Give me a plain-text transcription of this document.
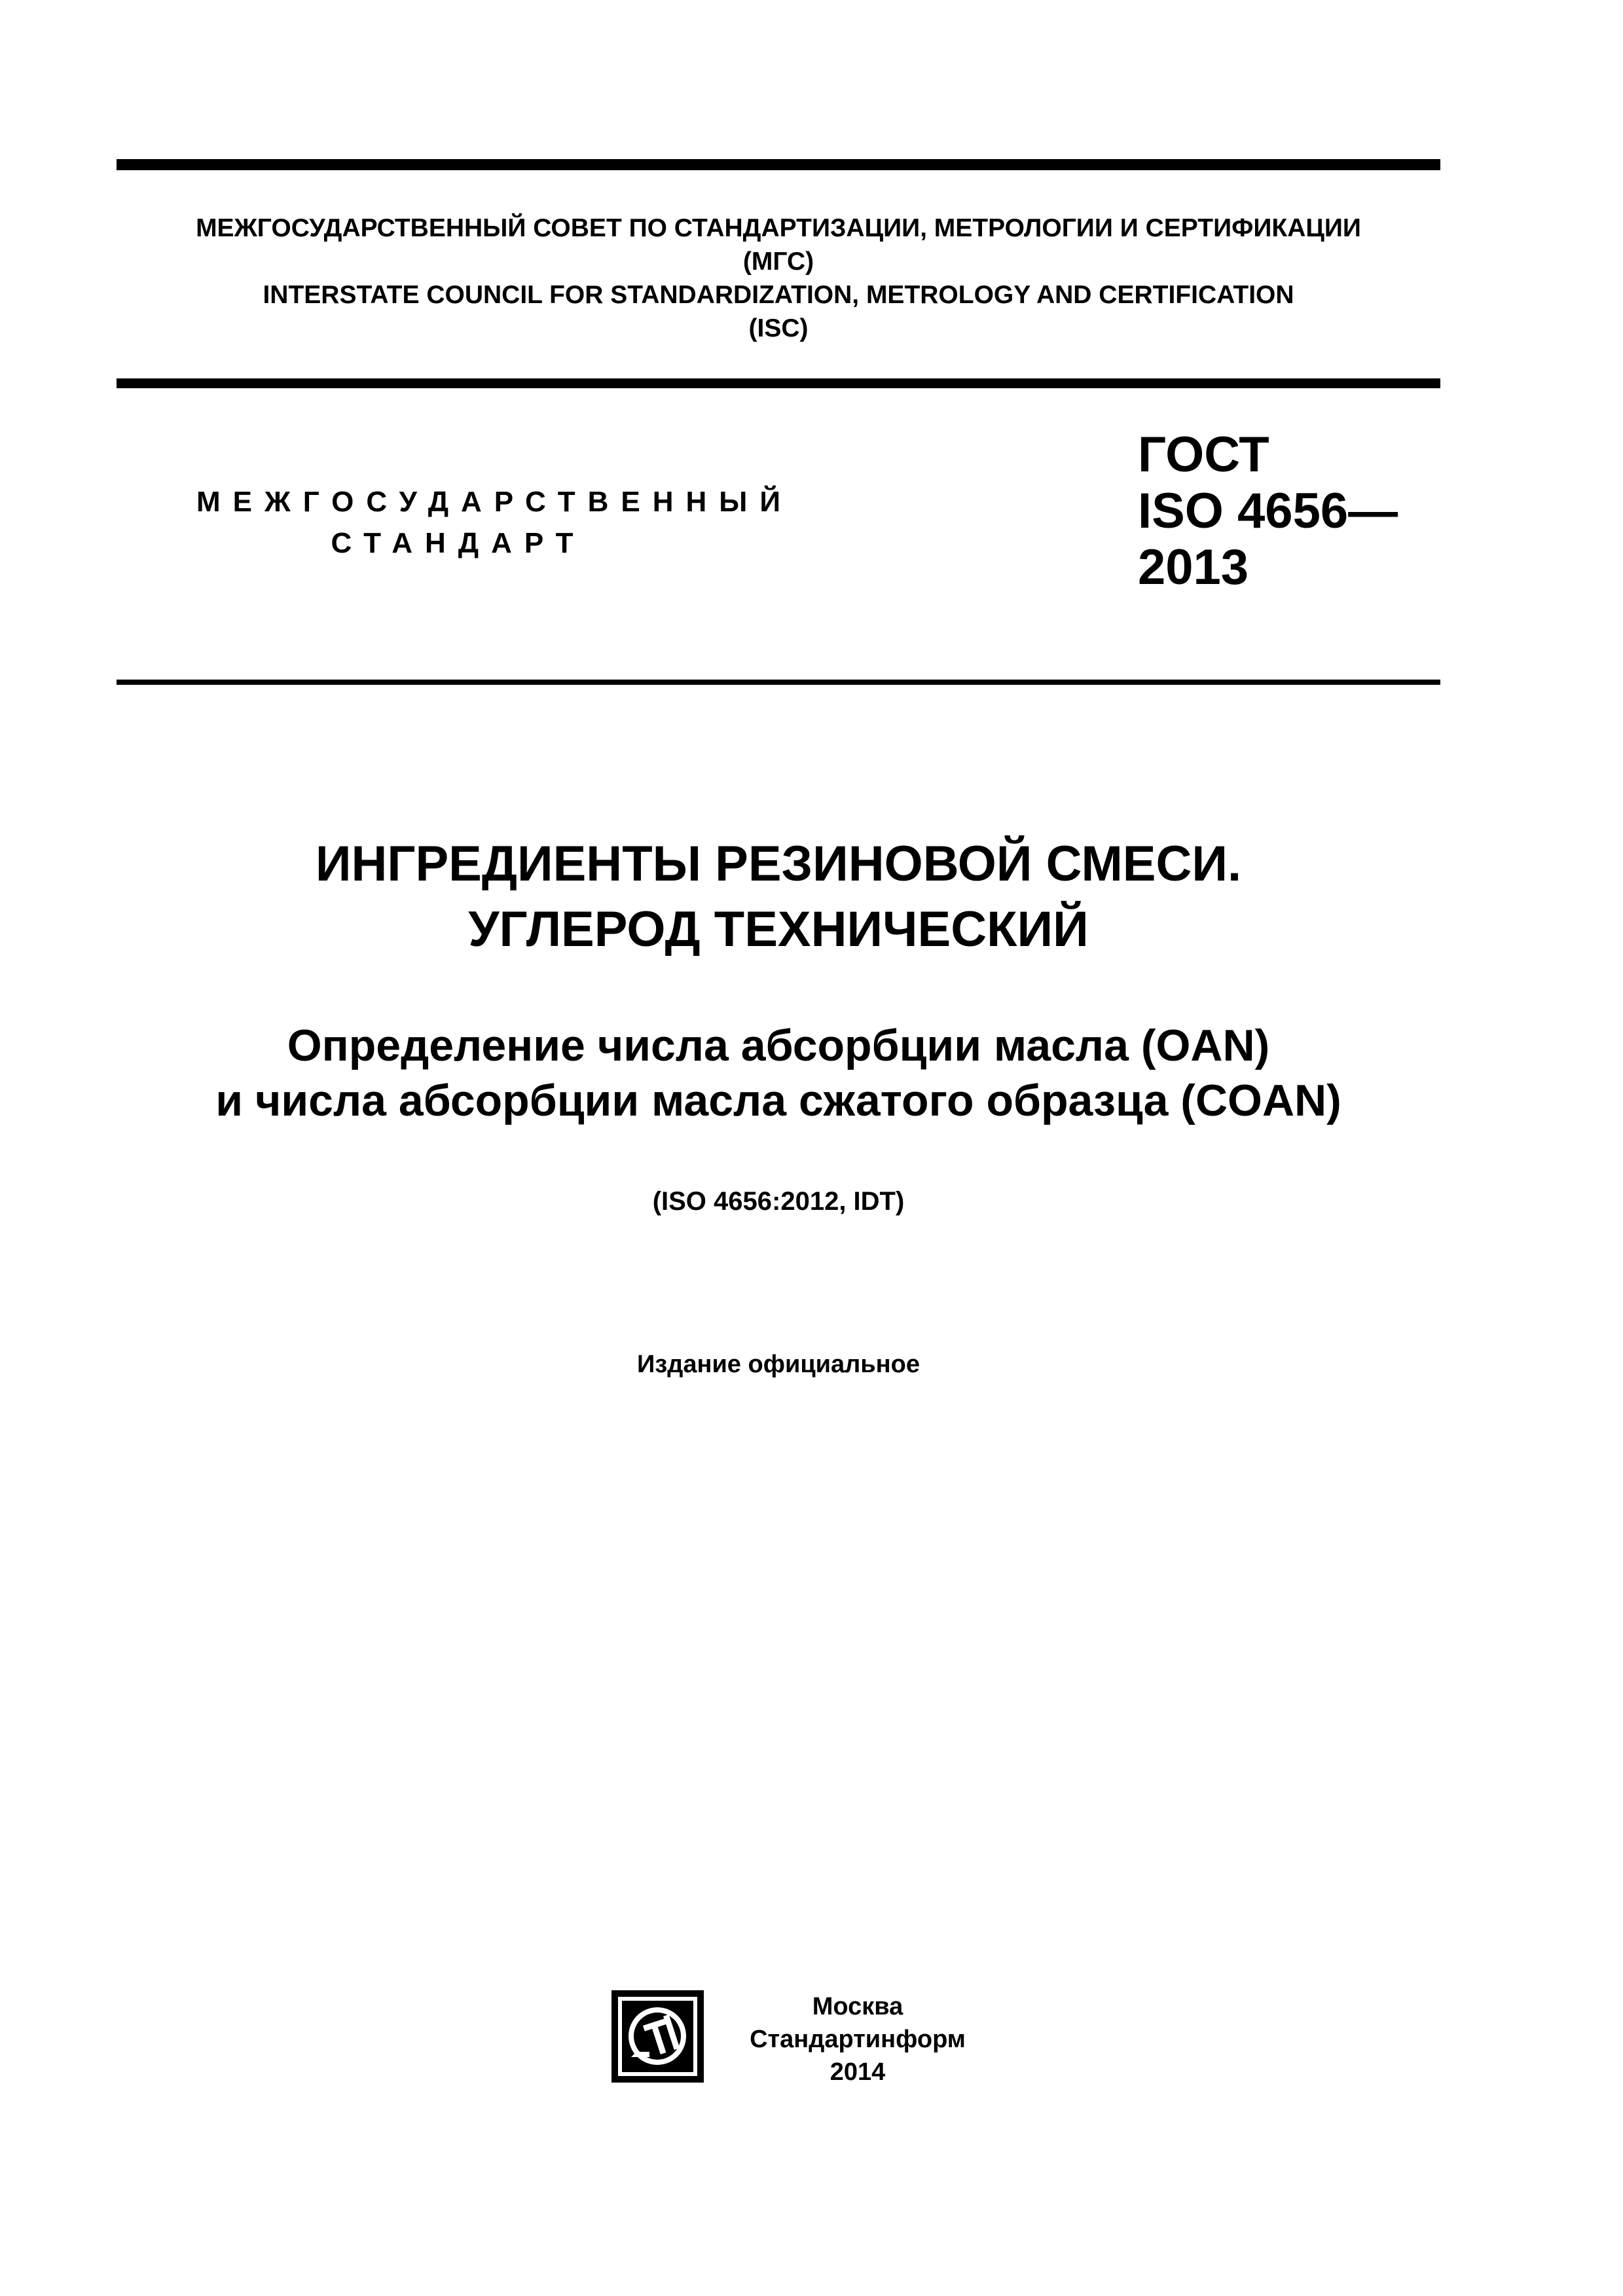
МЕЖГОСУДАРСТВЕННЫЙ СОВЕТ ПО СТАНДАРТИЗАЦИИ, МЕТРОЛОГИИ И СЕРТИФИКАЦИИ
(МГС)
INTERSTATE COUNCIL FOR STANDARDIZATION, METROLOGY AND CERTIFICATION
(ISC)
МЕЖГОСУДАРСТВЕННЫЙ
СТАНДАРТ
ГОСТ
ISO 4656—
2013
ИНГРЕДИЕНТЫ РЕЗИНОВОЙ СМЕСИ.
УГЛЕРОД ТЕХНИЧЕСКИЙ
Определение числа абсорбции масла (OAN)
и числа абсорбции масла сжатого образца (COAN)
(ISO 4656:2012, IDT)
Издание официальное
Москва
Стандартинформ
2014
